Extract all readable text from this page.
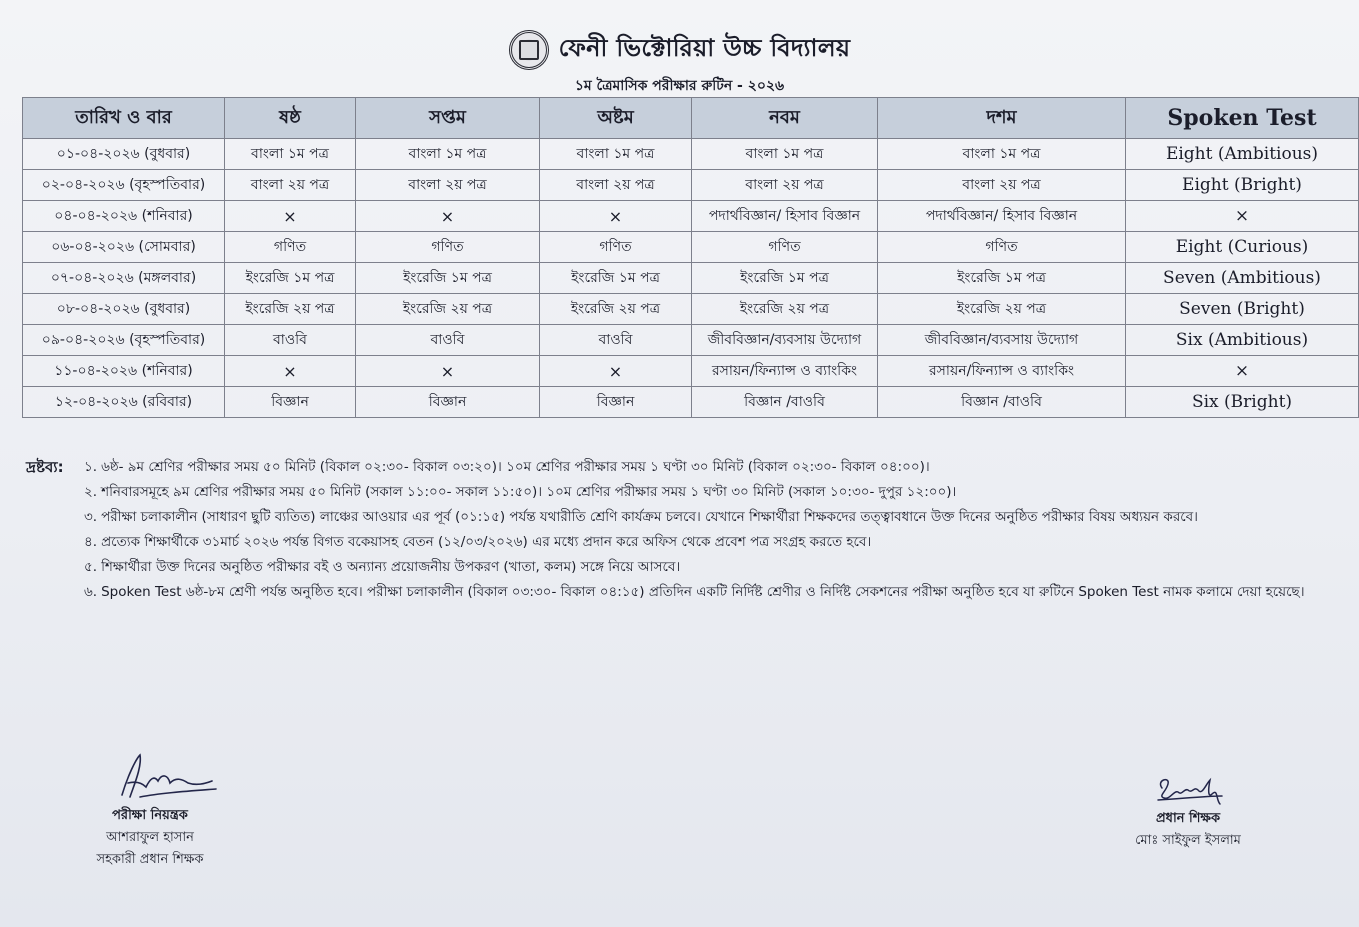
ফেনী ভিক্টোরিয়া উচ্চ বিদ্যালয়
১ম ত্রৈমাসিক পরীক্ষার রুটিন - ২০২৬
তারিখ ও বার	ষষ্ঠ	সপ্তম	অষ্টম	নবম	দশম	Spoken Test
০১-০৪-২০২৬ (বুধবার)	বাংলা ১ম পত্র	বাংলা ১ম পত্র	বাংলা ১ম পত্র	বাংলা ১ম পত্র	বাংলা ১ম পত্র	Eight (Ambitious)
০২-০৪-২০২৬ (বৃহস্পতিবার)	বাংলা ২য় পত্র	বাংলা ২য় পত্র	বাংলা ২য় পত্র	বাংলা ২য় পত্র	বাংলা ২য় পত্র	Eight (Bright)
০৪-০৪-২০২৬ (শনিবার)	×	×	×	পদার্থবিজ্ঞান/ হিসাব বিজ্ঞান	পদার্থবিজ্ঞান/ হিসাব বিজ্ঞান	×
০৬-০৪-২০২৬ (সোমবার)	গণিত	গণিত	গণিত	গণিত	গণিত	Eight (Curious)
০৭-০৪-২০২৬ (মঙ্গলবার)	ইংরেজি ১ম পত্র	ইংরেজি ১ম পত্র	ইংরেজি ১ম পত্র	ইংরেজি ১ম পত্র	ইংরেজি ১ম পত্র	Seven (Ambitious)
০৮-০৪-২০২৬ (বুধবার)	ইংরেজি ২য় পত্র	ইংরেজি ২য় পত্র	ইংরেজি ২য় পত্র	ইংরেজি ২য় পত্র	ইংরেজি ২য় পত্র	Seven (Bright)
০৯-০৪-২০২৬ (বৃহস্পতিবার)	বাওবি	বাওবি	বাওবি	জীববিজ্ঞান/ব্যবসায় উদ্যোগ	জীববিজ্ঞান/ব্যবসায় উদ্যোগ	Six (Ambitious)
১১-০৪-২০২৬ (শনিবার)	×	×	×	রসায়ন/ফিন্যান্স ও ব্যাংকিং	রসায়ন/ফিন্যান্স ও ব্যাংকিং	×
১২-০৪-২০২৬ (রবিবার)	বিজ্ঞান	বিজ্ঞান	বিজ্ঞান	বিজ্ঞান /বাওবি	বিজ্ঞান /বাওবি	Six (Bright)
দ্রষ্টব্য: ১. ৬ষ্ঠ- ৯ম শ্রেণির পরীক্ষার সময় ৫০ মিনিট (বিকাল ০২:৩০- বিকাল ০৩:২০)। ১০ম শ্রেণির পরীক্ষার সময় ১ ঘণ্টা ৩০ মিনিট (বিকাল ০২:৩০- বিকাল ০৪:০০)।
২. শনিবারসমূহে ৯ম শ্রেণির পরীক্ষার সময় ৫০ মিনিট (সকাল ১১:০০- সকাল ১১:৫০)। ১০ম শ্রেণির পরীক্ষার সময় ১ ঘণ্টা ৩০ মিনিট (সকাল ১০:৩০- দুপুর ১২:০০)।
৩. পরীক্ষা চলাকালীন (সাধারণ ছুটি ব্যতিত) লাঞ্চের আওয়ার এর পূর্ব (০১:১৫) পর্যন্ত যথারীতি শ্রেণি কার্যক্রম চলবে। যেখানে শিক্ষার্থীরা শিক্ষকদের তত্ত্বাবধানে উক্ত দিনের অনুষ্ঠিত পরীক্ষার বিষয় অধ্যয়ন করবে।
৪. প্রত্যেক শিক্ষার্থীকে ৩১মার্চ ২০২৬ পর্যন্ত বিগত বকেয়াসহ বেতন (১২/০৩/২০২৬) এর মধ্যে প্রদান করে অফিস থেকে প্রবেশ পত্র সংগ্রহ করতে হবে।
৫. শিক্ষার্থীরা উক্ত দিনের অনুষ্ঠিত পরীক্ষার বই ও অন্যান্য প্রয়োজনীয় উপকরণ (খাতা, কলম) সঙ্গে নিয়ে আসবে।
৬. Spoken Test ৬ষ্ঠ-৮ম শ্রেণী পর্যন্ত অনুষ্ঠিত হবে। পরীক্ষা চলাকালীন (বিকাল ০৩:৩০- বিকাল ০৪:১৫) প্রতিদিন একটি নির্দিষ্ট শ্রেণীর ও নির্দিষ্ট সেকশনের পরীক্ষা অনুষ্ঠিত হবে যা রুটিনে Spoken Test নামক কলামে দেয়া হয়েছে।
পরীক্ষা নিয়ন্ত্রক
আশরাফুল হাসান
সহকারী প্রধান শিক্ষক
প্রধান শিক্ষক
মোঃ সাইফুল ইসলাম
